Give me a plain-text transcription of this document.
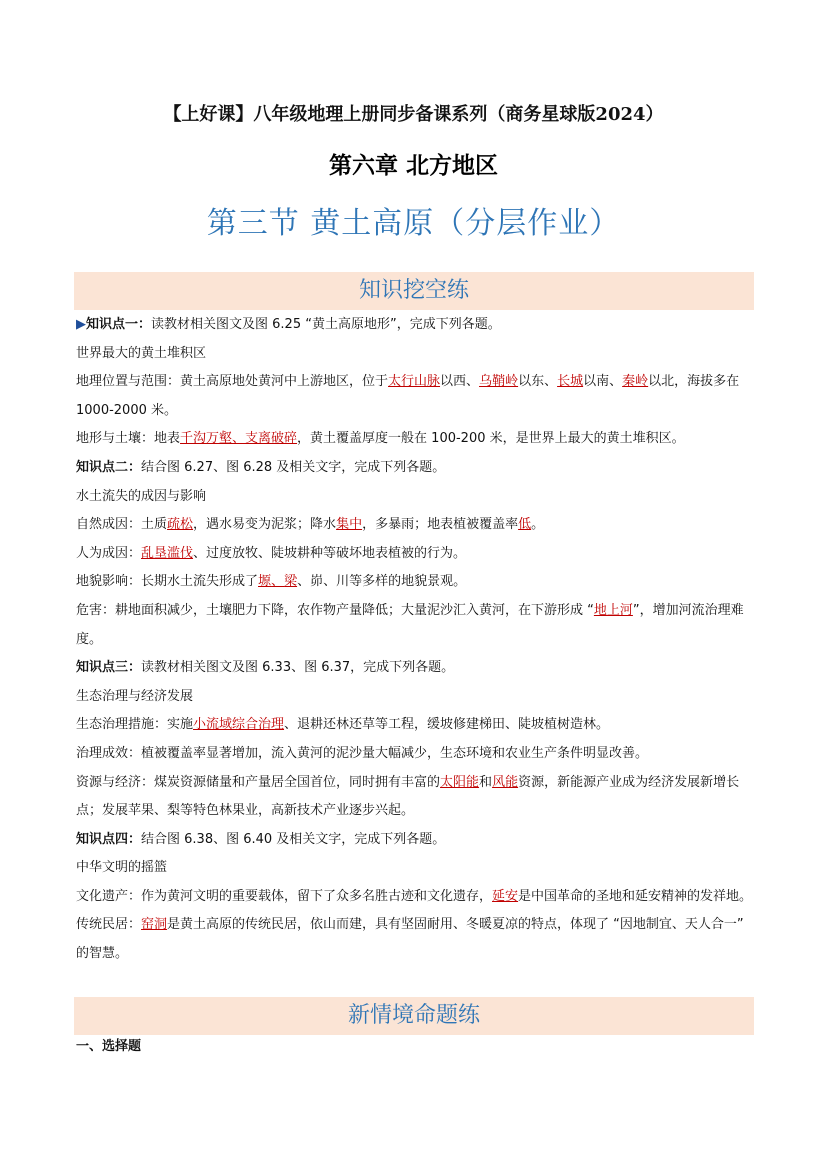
【上好课】八年级地理上册同步备课系列（商务星球版2024）
第六章 北方地区
第三节 黄土高原（分层作业）
知识挖空练

▶知识点一：读教材相关图文及图 6.25 “黄土高原地形”，完成下列各题。

世界最大的黄土堆积区

地理位置与范围：黄土高原地处黄河中上游地区，位于太行山脉以西、乌鞘岭以东、长城以南、秦岭以北，海拔多在 1000-2000 米。

地形与土壤：地表千沟万壑、支离破碎，黄土覆盖厚度一般在 100-200 米，是世界上最大的黄土堆积区。

知识点二：结合图 6.27、图 6.28 及相关文字，完成下列各题。

水土流失的成因与影响

自然成因：土质疏松，遇水易变为泥浆；降水集中，多暴雨；地表植被覆盖率低。

人为成因：乱垦滥伐、过度放牧、陡坡耕种等破坏地表植被的行为。

地貌影响：长期水土流失形成了塬、梁、峁、川等多样的地貌景观。

危害：耕地面积减少，土壤肥力下降，农作物产量降低；大量泥沙汇入黄河，在下游形成 “地上河”，增加河流治理难度。

知识点三：读教材相关图文及图 6.33、图 6.37，完成下列各题。

生态治理与经济发展

生态治理措施：实施小流域综合治理、退耕还林还草等工程，缓坡修建梯田、陡坡植树造林。

治理成效：植被覆盖率显著增加，流入黄河的泥沙量大幅减少，生态环境和农业生产条件明显改善。

资源与经济：煤炭资源储量和产量居全国首位，同时拥有丰富的太阳能和风能资源，新能源产业成为经济发展新增长点；发展苹果、梨等特色林果业，高新技术产业逐步兴起。

知识点四：结合图 6.38、图 6.40 及相关文字，完成下列各题。

中华文明的摇篮

文化遗产：作为黄河文明的重要载体，留下了众多名胜古迹和文化遗存，延安是中国革命的圣地和延安精神的发祥地。

传统民居：窑洞是黄土高原的传统民居，依山而建，具有坚固耐用、冬暖夏凉的特点，体现了 “因地制宜、天人合一” 的智慧。

新情境命题练
一、选择题
